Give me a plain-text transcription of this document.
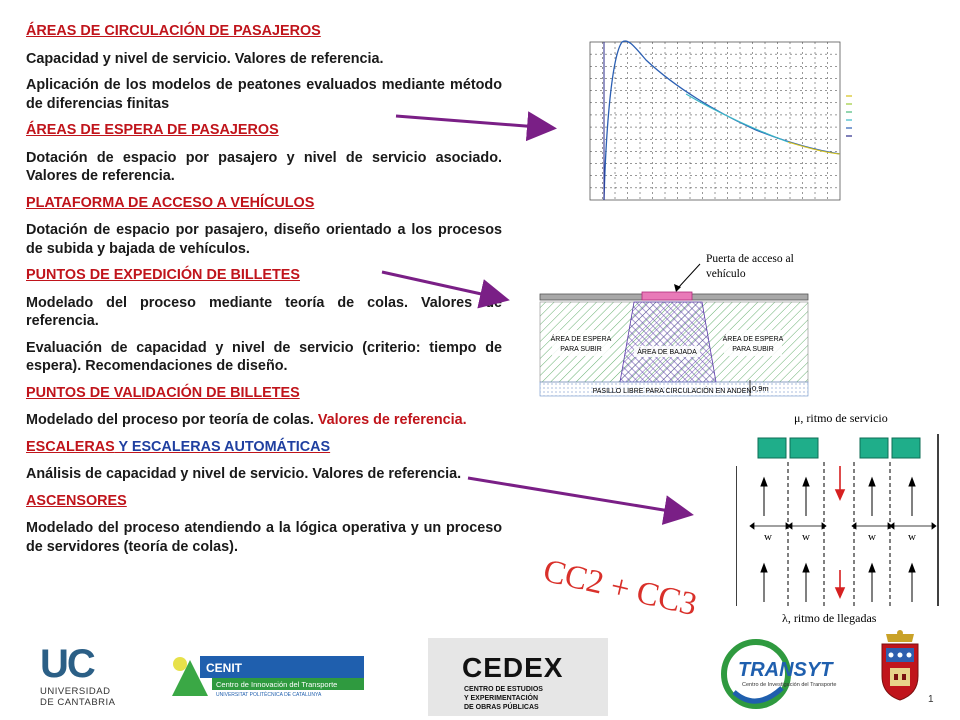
ÁREAS DE CIRCULACIÓN DE PASAJEROS

Capacidad y nivel de servicio. Valores de referencia.

Aplicación de los modelos de peatones evaluados mediante método de diferencias finitas

ÁREAS DE ESPERA DE PASAJEROS

Dotación de espacio por pasajero y nivel de servicio asociado. Valores de referencia.

PLATAFORMA DE ACCESO A VEHÍCULOS

Dotación de espacio por pasajero, diseño orientado a los procesos de subida y bajada de vehículos.

PUNTOS DE EXPEDICIÓN DE BILLETES

Modelado del proceso mediante teoría de colas. Valores de referencia.

Evaluación de capacidad y nivel de servicio (criterio: tiempo de espera). Recomendaciones de diseño.

PUNTOS DE VALIDACIÓN DE BILLETES

Modelado del proceso por teoría de colas. Valores de referencia.

ESCALERAS Y ESCALERAS AUTOMÁTICAS

Análisis de capacidad y nivel de servicio. Valores de referencia.

ASCENSORES

Modelado del proceso atendiendo a la lógica operativa y un proceso de servidores (teoría de colas).

Puerta de acceso al
vehículo
ÁREA DE ESPERA
PARA SUBIR
ÁREA DE ESPERA
PARA SUBIR
ÁREA DE BAJADA
0,9m
PASILLO LIBRE PARA CIRCULACIÓN EN ANDEN
μ, ritmo de servicio
w	w	w	w
λ, ritmo de llegadas
CC2 + CC3
UC
UNIVERSIDAD
DE CANTABRIA
CENIT
Centro de Innovación del Transporte
UNIVERSITAT POLITÈCNICA DE CATALUNYA
CEDEX
CENTRO DE ESTUDIOS
Y EXPERIMENTACIÓN
DE OBRAS PÚBLICAS
TRANSYT
Centro de Investigación del Transporte
1
